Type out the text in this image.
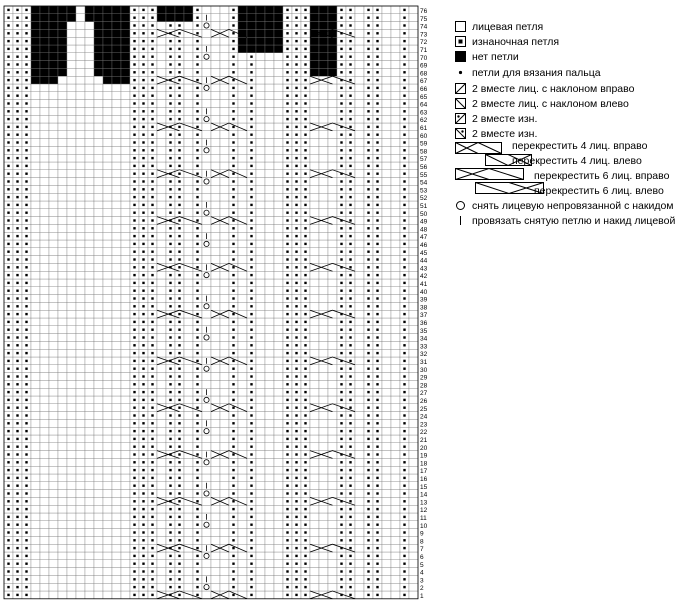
1
2
3
4
5
6
7
8
9
10
11
12
13
14
15
16
17
18
19
20
21
22
23
24
25
26
27
28
29
30
31
32
33
34
35
36
37
38
39
40
41
42
43
44
45
46
47
48
49
50
51
52
53
54
55
56
57
58
59
60
61
62
63
64
65
66
67
68
69
70
71
72
73
74
75
76
лицевая петля
изнаночная петля
нет петли
петли для вязания пальца
2 вместе лиц. с наклоном вправо
2 вместе лиц. с наклоном влево
2 вместе изн.
2 вместе изн.
перекрестить 4 лиц. вправо
перекрестить 4 лиц. влево
перекрестить 6 лиц. вправо
перекрестить 6 лиц. влево
снять лицевую непровязанной с накидом
провязать снятую петлю и накид лицевой
